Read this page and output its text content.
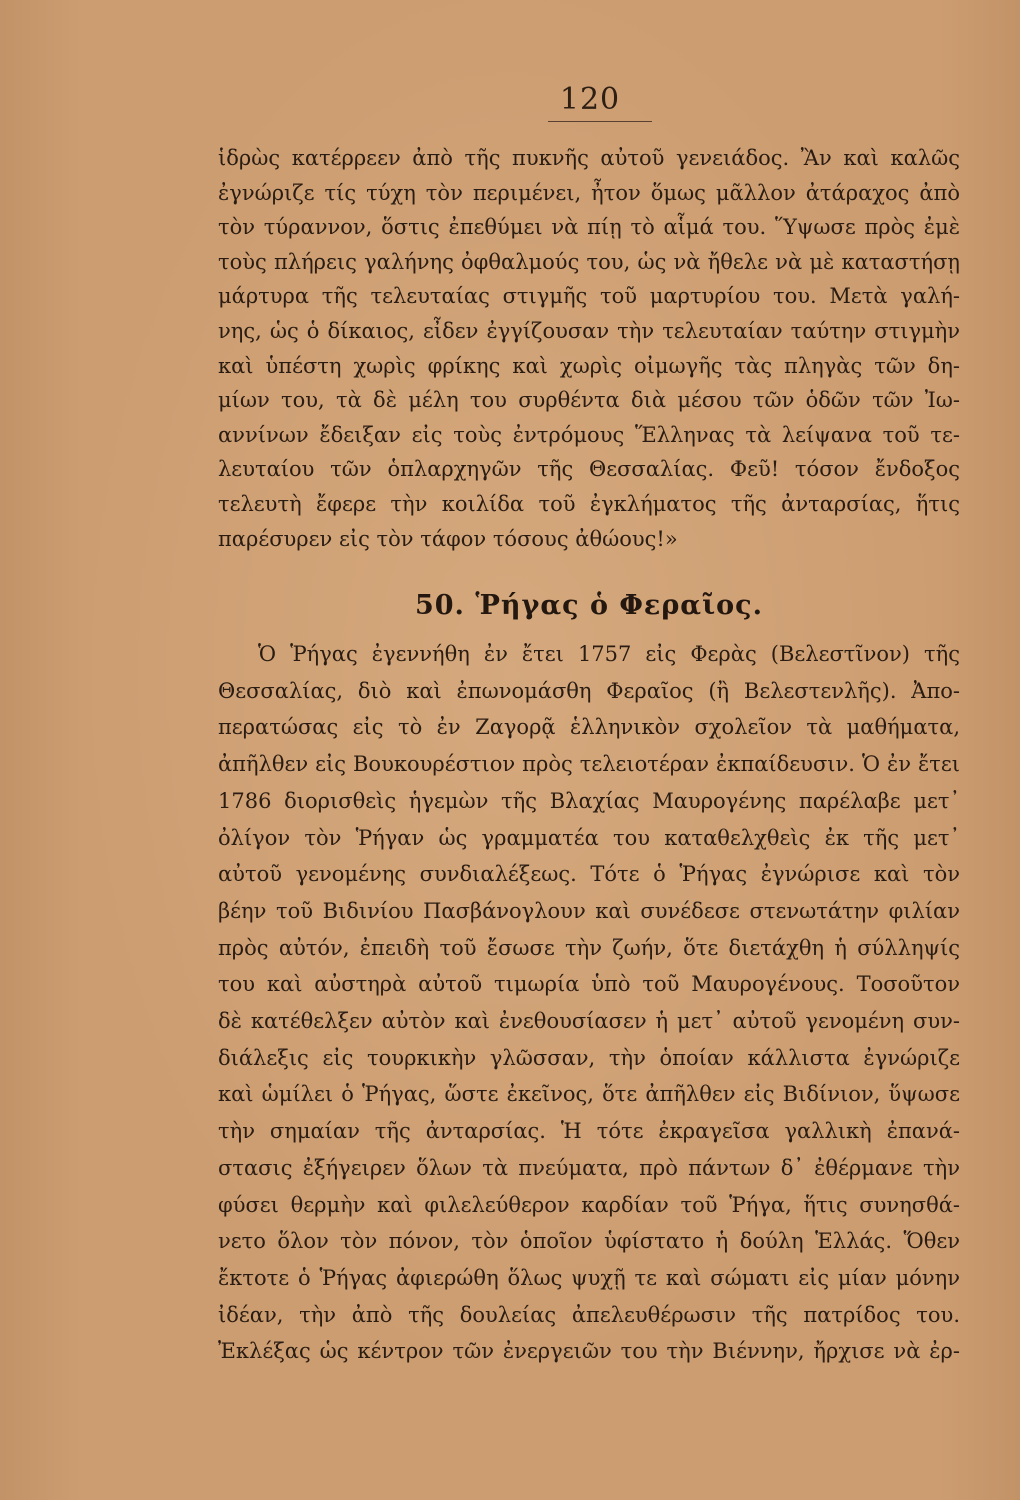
120
ἱδρὼς κατέρρεεν ἀπὸ τῆς πυκνῆς αὐτοῦ γενειάδος. Ἂν καὶ καλῶς
ἐγνώριζε τίς τύχη τὸν περιμένει, ἦτον ὅμως μᾶλλον ἀτάραχος ἀπὸ
τὸν τύραννον, ὅστις ἐπεθύμει νὰ πίῃ τὸ αἷμά του. Ὕψωσε πρὸς ἐμὲ
τοὺς πλήρεις γαλήνης ὀφθαλμούς του, ὡς νὰ ἤθελε νὰ μὲ καταστήσῃ
μάρτυρα τῆς τελευταίας στιγμῆς τοῦ μαρτυρίου του. Μετὰ γαλή-
νης, ὡς ὁ δίκαιος, εἶδεν ἐγγίζουσαν τὴν τελευταίαν ταύτην στιγμὴν
καὶ ὑπέστη χωρὶς φρίκης καὶ χωρὶς οἰμωγῆς τὰς πληγὰς τῶν δη-
μίων του, τὰ δὲ μέλη του συρθέντα διὰ μέσου τῶν ὁδῶν τῶν Ἰω-
αννίνων ἔδειξαν εἰς τοὺς ἐντρόμους Ἕλληνας τὰ λείψανα τοῦ τε-
λευταίου τῶν ὁπλαρχηγῶν τῆς Θεσσαλίας. Φεῦ! τόσον ἔνδοξος
τελευτὴ ἔφερε τὴν κοιλίδα τοῦ ἐγκλήματος τῆς ἀνταρσίας, ἥτις
παρέσυρεν εἰς τὸν τάφον τόσους ἀθώους!»
50. Ῥήγας ὁ Φεραῖος.
Ὁ Ῥήγας ἐγεννήθη ἐν ἔτει 1757 εἰς Φερὰς (Βελεστῖνον) τῆς
Θεσσαλίας, διὸ καὶ ἐπωνομάσθη Φεραῖος (ἢ Βελεστενλῆς). Ἀπο-
περατώσας εἰς τὸ ἐν Ζαγορᾷ ἑλληνικὸν σχολεῖον τὰ μαθήματα,
ἀπῆλθεν εἰς Βουκουρέστιον πρὸς τελειοτέραν ἐκπαίδευσιν. Ὁ ἐν ἔτει
1786 διορισθεὶς ἡγεμὼν τῆς Βλαχίας Μαυρογένης παρέλαβε μετ᾽
ὀλίγον τὸν Ῥήγαν ὡς γραμματέα του καταθελχθεὶς ἐκ τῆς μετ᾽
αὐτοῦ γενομένης συνδιαλέξεως. Τότε ὁ Ῥήγας ἐγνώρισε καὶ τὸν
βέην τοῦ Βιδινίου Πασβάνογλουν καὶ συνέδεσε στενωτάτην φιλίαν
πρὸς αὐτόν, ἐπειδὴ τοῦ ἔσωσε τὴν ζωήν, ὅτε διετάχθη ἡ σύλληψίς
του καὶ αὐστηρὰ αὐτοῦ τιμωρία ὑπὸ τοῦ Μαυρογένους. Τοσοῦτον
δὲ κατέθελξεν αὐτὸν καὶ ἐνεθουσίασεν ἡ μετ᾽ αὐτοῦ γενομένη συν-
διάλεξις εἰς τουρκικὴν γλῶσσαν, τὴν ὁποίαν κάλλιστα ἐγνώριζε
καὶ ὡμίλει ὁ Ῥήγας, ὥστε ἐκεῖνος, ὅτε ἀπῆλθεν εἰς Βιδίνιον, ὕψωσε
τὴν σημαίαν τῆς ἀνταρσίας. Ἡ τότε ἐκραγεῖσα γαλλικὴ ἐπανά-
στασις ἐξήγειρεν ὅλων τὰ πνεύματα, πρὸ πάντων δ᾽ ἐθέρμανε τὴν
φύσει θερμὴν καὶ φιλελεύθερον καρδίαν τοῦ Ῥήγα, ἥτις συνησθά-
νετο ὅλον τὸν πόνον, τὸν ὁποῖον ὑφίστατο ἡ δούλη Ἑλλάς. Ὅθεν
ἔκτοτε ὁ Ῥήγας ἀφιερώθη ὅλως ψυχῇ τε καὶ σώματι εἰς μίαν μόνην
ἰδέαν, τὴν ἀπὸ τῆς δουλείας ἀπελευθέρωσιν τῆς πατρίδος του.
Ἐκλέξας ὡς κέντρον τῶν ἐνεργειῶν του τὴν Βιέννην, ἤρχισε νὰ ἐρ-
